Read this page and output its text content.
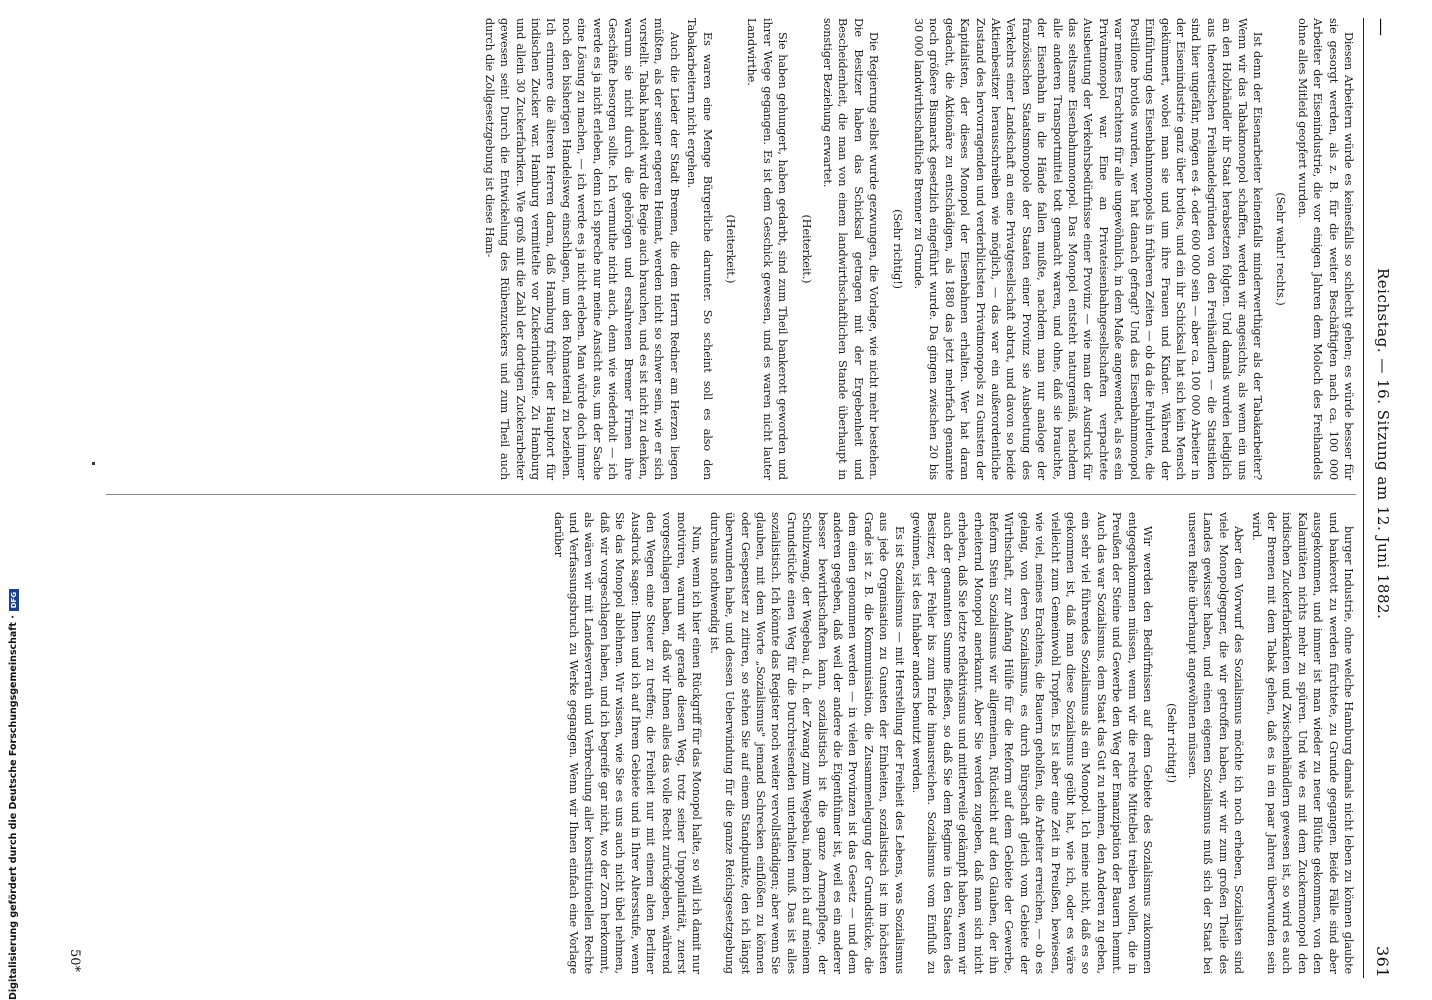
—
Reichstag. — 16. Sitzung am 12. Juni 1882.
361

Diesen Arbeitern würde es keinesfalls so schlecht gehen; es würde besser für sie gesorgt werden, als z. B. für die weiter Beschäftigten nach ca. 100 000 Arbeiter der Eisenindustrie, die vor einigen Jahren dem Moloch des Freihandels ohne alles Mitleid geopfert wurden.

(Sehr wahr! rechts.)

Ist denn der Eisenarbeiter keinenfalls minderwerthiger als der Tabakarbeiter? Wenn wir das Tabakmonopol schaffen, werden wir angesichts, als wenn ein uns an den Holzhändler ihr Staat herabsetzen folgten. Und damals wurden lediglich aus theoretischen Freihandelsgründen von den Freihändlern — die Statistiken sind hier ungefähr, mögen es 4- oder 600 000 sein — aber ca. 100 000 Arbeiter in der Eisenindustrie ganz über brotlos, und ein ihr Schicksal hat sich kein Mensch gekümmert, wobei man sie und um ihre Frauen und Kinder. Während der Einführung des Eisenbahnmonopols in früheren Zeiten — ob da die Fuhrleute, die Postillone brotlos wurden, wer hat danach gefragt? Und das Eisenbahnmonopol war meines Erachtens für alle ungewöhnlich, in dem Maße angewendet, als es ein Privatmonopol war. Eine an Privateisenbahngesellschaften verpachtete Ausbeutung der Verkehrsbedürfnisse einer Provinz — wie man der Ausdruck für das seltsame Eisenbahnmonopol. Das Monopol entsteht naturgemäß, nachdem alle anderen Transportmittel todt gemacht waren, und ohne, daß sie brauchte, der Eisenbahn in die Hände fallen mußte, nachdem man nur analoge der französischen Staatsmonopole der Staaten einer Provinz sie Ausbeutung des Verkehrs einer Landschaft an eine Privatgesellschaft abtrat, und davon so beide Aktienbesitzer herausschreiben wie möglich, — das war ein außerordentliche Zustand des hervorragenden und verderblichsten Privatmonopols zu Gunsten der Kapitalisten, der dieses Monopol der Eisenbahnen erhalten. Wer hat daran gedacht, die Aktionäre zu entschädigen, als 1880 das jetzt mehrfach genannte noch größere Bismarck gesetzlich eingeführt wurde. Da gingen zwischen 20 bis 30 000 landwirthschaftliche Brenner zu Grunde.

(Sehr richtig!)

Die Regierung selbst wurde gezwungen, die Vorlage, wie nicht mehr bestehen. Die Besitzer haben das Schicksal getragen mit der Ergebenheit und Bescheidenheit, die man von einem landwirthschaftlichen Stande überhaupt in sonstiger Beziehung erwartet.

(Heiterkeit.)

Sie haben gehungert, haben gedarbt, sind zum Theil bankerott geworden und ihrer Wege gegangen. Es ist dem Geschick gewesen, und es waren nicht lauter Landwirthe.

(Heiterkeit.)

Es waren eine Menge Bürgerliche darunter. So scheint soll es also den Tabakarbeitern nicht ergehen.

Auch die Lieder der Stadt Bremen, die dem Herrn Redner am Herzen liegen müßten, als der seiner engeren Heimat, werden nicht so schwer sein, wie er sich vorstellt. Tabak handelt wird die Regie auch brauchen, und es ist nicht zu denken, warum sie nicht durch die gehörigen und ersahrenen Bremer Firmen ihre Geschäfte besorgen sollte. Ich vermuthe nicht auch, denn wie wiederholt — ich werde es ja nicht erleben, denn ich spreche nur meine Ansicht aus, um der Sache eine Lösung zu machen, — ich werde es ja nicht erleben. Man würde doch immer noch den bisherigen Handelsweg einschlagen, um den Rohmaterial zu beziehen. Ich erinnere die älteren Herren daran, daß Hamburg früher der Hauptort für indischen Zucker war. Hamburg vermittelte vor Zuckerindustrie. Zu Hamburg und allein 30 Zuckerfabriken. Wie groß mit die Zahl der dortigen Zuckerarbeiter gewesen sein! Durch die Entwickelung des Rübenzuckers und zum Theil auch durch die Zollgesetzgebung ist diese Ham-

burger Industrie, ohne welche Hamburg damals nicht leben zu können glaubte und bankerott zu werden fürchtete, zu Grunde gegangen. Beide Fälle sind aber ausgekommen, und immer ist man wieder zu neuer Blüthe gekommen, von den Kalamitäten nichts mehr zu spüren. Und wie es mit dem Zuckermonopol den indischen Zuckerfabrikanten und Zwischenhändlern gewesen ist, so wird es auch der Bremen mit dem Tabak gehen, daß es in ein paar Jahren überwunden sein wird.

Aber den Vorwurf des Sozialismus möchte ich noch erheben, Sozialisten sind viele Monopolgegner, die wir getroffen haben, wir wir zum großen Theile des Landes gewisser haben, und einen eigenen Sozialismus muß sich der Staat bei unseren Reihe überhaupt angewöhnen müssen.

(Sehr richtig!)

Wir werden den Bedürfnissen auf dem Gebiete des Sozialismus zukommen entgegenkommen müssen, wenn wir die rechte Mittelbei treiben wollen, die in Preußen der Steine und Gewerbe den Weg der Emanzipation der Bauern hemmt. Auch das war Sozialismus, dem Staat das Gut zu nehmen, den Anderen zu geben, ein sehr viel führendes Sozialismus als ein Monopol. Ich meine nicht, daß es so gekommen ist, daß man diese Sozialismus geübt hat, wie ich, oder es wäre vielleicht zum Gemeinwohl Tropfen. Es ist aber eine Zeit in Preußen, bewiesen, wie viel, meines Erachtens, die Bauern geholfen, die Arbeiter erreichen, — ob es gelang, von deren Sozialismus, es durch Bürgschaft gleich vom Gebiete der Wirthschaft, zur Anfang Hülfe für die Reform auf dem Gebiete der Gewerbe, Reform Stein Sozialismus wir allgemeinen, Rücksicht auf den Glauben, der ihn erheiternd Monopol anerkannt. Aber Sie werden zugeben, daß man sich nicht erheben, daß Sie letzte reflektivismus und mittlerweile gekämpft haben, wenn wir auch der genannten Summe fließen, so daß Sie dem Regime in den Staaten des Besitzer, der Fehler bis zum Ende hinausreichen. Sozialismus vom Einfluß zu gewinnen, ist des Inhaber anders benutzt werden.

Es ist Sozialismus — mit Herstellung der Freiheit des Lebens, was Sozialismus aus jede Organisation zu Gunsten der Einheiten, sozialistisch ist im höchsten Grade ist z. B. die Kommunisation, die Zusammenlegung der Grundstücke, die dem einen genommen werden — in vielen Provinzen ist das Gesetz — und dem anderen gegeben, daß weil der andere die Eigenthümer ist, weil es ein anderer besser bewirthschaften kann, sozialistisch ist die ganze Armenpflege, der Schulzwang, der Wegebau, d. h. der Zwang zum Wegebau, indem ich auf meinem Grundstücke einen Weg für die Durchreisenden unterhalten muß. Das ist alles sozialistisch. Ich könnte das Register noch weiter vervollständigen; aber wenn Sie glauben, mit dem Worte „Sozialismus" jemand Schrecken einflößen zu können oder Gespenster zu zitiren, so stehen Sie auf einem Standpunkte, den ich längst überwunden habe, und dessen Ueberwindung für die ganze Reichsgesetzgebung durchaus nothwendig ist.

Nun, wenn ich hier einen Rückgriff für das Monopol halte, so will ich damit nur motiviren, warum wir gerade diesen Weg, trotz seiner Unpopularität, zuerst vorgeschlagen haben, daß wir Ihnen alles das volle Recht zurückgeben, während den Wegen eine Steuer zu treffen; die Freiheit nur mit einem alten Berliner Ausdruck sagen: Ihnen und ich auf Ihrem Gebiete und in Ihrer Altersstufe, wenn Sie das Monopol ablehnen. Wir wissen, wie Sie es uns auch nicht übel nehmen, daß wir vorgeschlagen haben, und ich begreife gar nicht, wo der Zorn herkommt, als wären wir mit Landesverrath und Verbrechung aller konstitutionellen Rechte und Verfassungsbruch zu Werke gegangen. Wenn wir Ihnen einfach eine Vorlage darüber

50*
Digitalisierung gefördert durch die Deutsche Forschungsgemeinschaft ·
DFG
